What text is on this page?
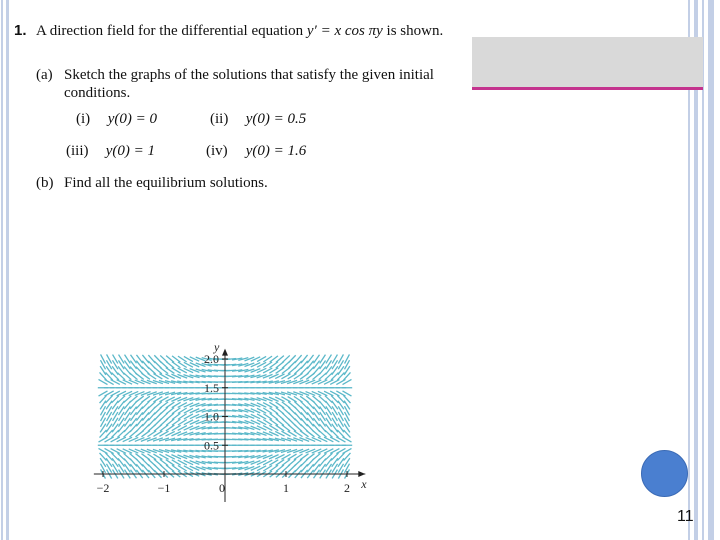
1. A direction field for the differential equation y′ = x cos πy is shown.
(a) Sketch the graphs of the solutions that satisfy the given initial conditions.
(i) y(0) = 0	(ii) y(0) = 0.5
(iii) y(0) = 1	(iv) y(0) = 1.6
(b) Find all the equilibrium solutions.
−2	−1	0	1	2
0.5
1.0
1.5
2.0
x
y
11
